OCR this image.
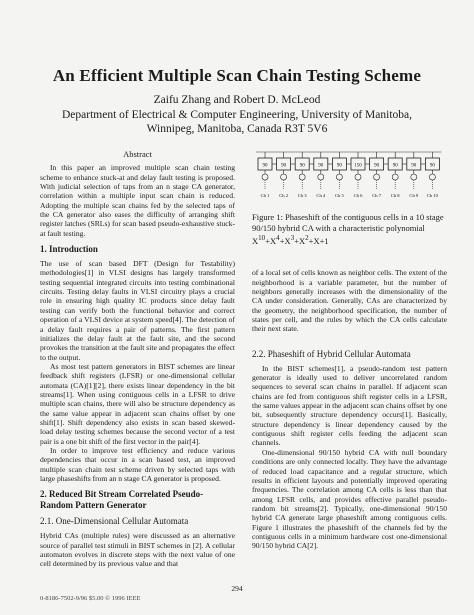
An Efficient Multiple Scan Chain Testing Scheme
Zaifu Zhang and Robert D. McLeod
Department of Electrical & Computer Engineering, University of Manitoba,
Winnipeg, Manitoba, Canada R3T 5V6
Abstract

In this paper an improved multiple scan chain testing scheme to enhance stuck-at and delay fault testing is proposed. With judicial selection of taps from an n stage CA generator, correlation within a multiple input scan chain is reduced. Adopting the multiple scan chains fed by the selected taps of the CA generator also eases the difficulty of arranging shift register latches (SRLs) for scan based pseudo-exhaustive stuck-at fault testing.

1. Introduction

The use of scan based DFT (Design for Testability) methodologies[1] in VLSI designs has largely transformed testing sequential integrated circuits into testing combinational circuits. Testing delay faults in VLSI circuitry plays a crucial role in ensuring high quality IC products since delay fault testing can verify both the functional behavior and correct operation of a VLSI device at system speed[4]. The detection of a delay fault requires a pair of patterns. The first pattern initializes the delay fault at the fault site, and the second provokes the transition at the fault site and propagates the effect to the output.

As most test pattern generators in BIST schemes are linear feedback shift registers (LFSR) or one-dimensional cellular automata (CA)[1][2], there exists linear dependency in the bit streams[1]. When using contiguous cells in a LFSR to drive multiple scan chains, there will also be structure dependency as the same value appear in adjacent scan chains offset by one shift[1]. Shift dependency also exists in scan based skewed-load delay testing schemes because the second vector of a test pair is a one bit shift of the first vector in the pair[4].

In order to improve test efficiency and reduce various dependencies that occur in a scan based test, an improved multiple scan chain test scheme driven by selected taps with large phaseshifts from an n stage CA generator is proposed.

2. Reduced Bit Stream Correlated Pseudo-
Random Pattern Generator
2.1. One-Dimensional Cellular Automata

Hybrid CAs (multiple rules) were discussed as an alternative source of parallel test stimuli in BIST schemes in [2]. A cellular automaton evolves in discrete steps with the next value of one cell determined by its previous value and that

90
Ch 1
90
Ch 2
90
Ch 3
90
Ch 4
90
Ch 5
150
Ch 6
90
Ch 7
90
Ch 8
90
Ch 9
90
Ch 10

Figure 1: Phaseshift of the contiguous cells in a 10 stage 90/150 hybrid CA with a characteristic polynomial $X^{10}+X^4+X^3+X^2+X+1$

of a local set of cells known as neighbor cells. The extent of the neighborhood is a variable parameter, but the number of neighbors generally increases with the dimensionality of the CA under consideration. Generally, CAs are characterized by the geometry, the neighborhood specification, the number of states per cell, and the rules by which the CA cells calculate their next state.

2.2. Phaseshift of Hybrid Cellular Automata

In the BIST schemes[1], a pseudo-random test pattern generator is ideally used to deliver uncorrelated random sequences to several scan chains in parallel. If adjacent scan chains are fed from contiguous shift register cells in a LFSR, the same values appear in the adjacent scan chains offset by one bit, subsequently structure dependency occurs[1]. Basically, structure dependency is linear dependency caused by the contiguous shift register cells feeding the adjacent scan channels.

One-dimensional 90/150 hybrid CA with null boundary conditions are only connected locally. They have the advantage of reduced load capacitance and a regular structure, which results in efficient layouts and potentially improved operating frequencies. The correlation among CA cells is less than that among LFSR cells, and provides effective parallel pseudo-random bit streams[2]. Typically, one-dimensional 90/150 hybrid CA generate large phaseshift among contiguous cells. Figure 1 illustrates the phaseshift of the channels fed by the contiguous cells in a minimum hardware cost one-dimensional 90/150 hybrid CA[2].

294
0-8186-7502-9/96 $5.00 © 1996 IEEE
